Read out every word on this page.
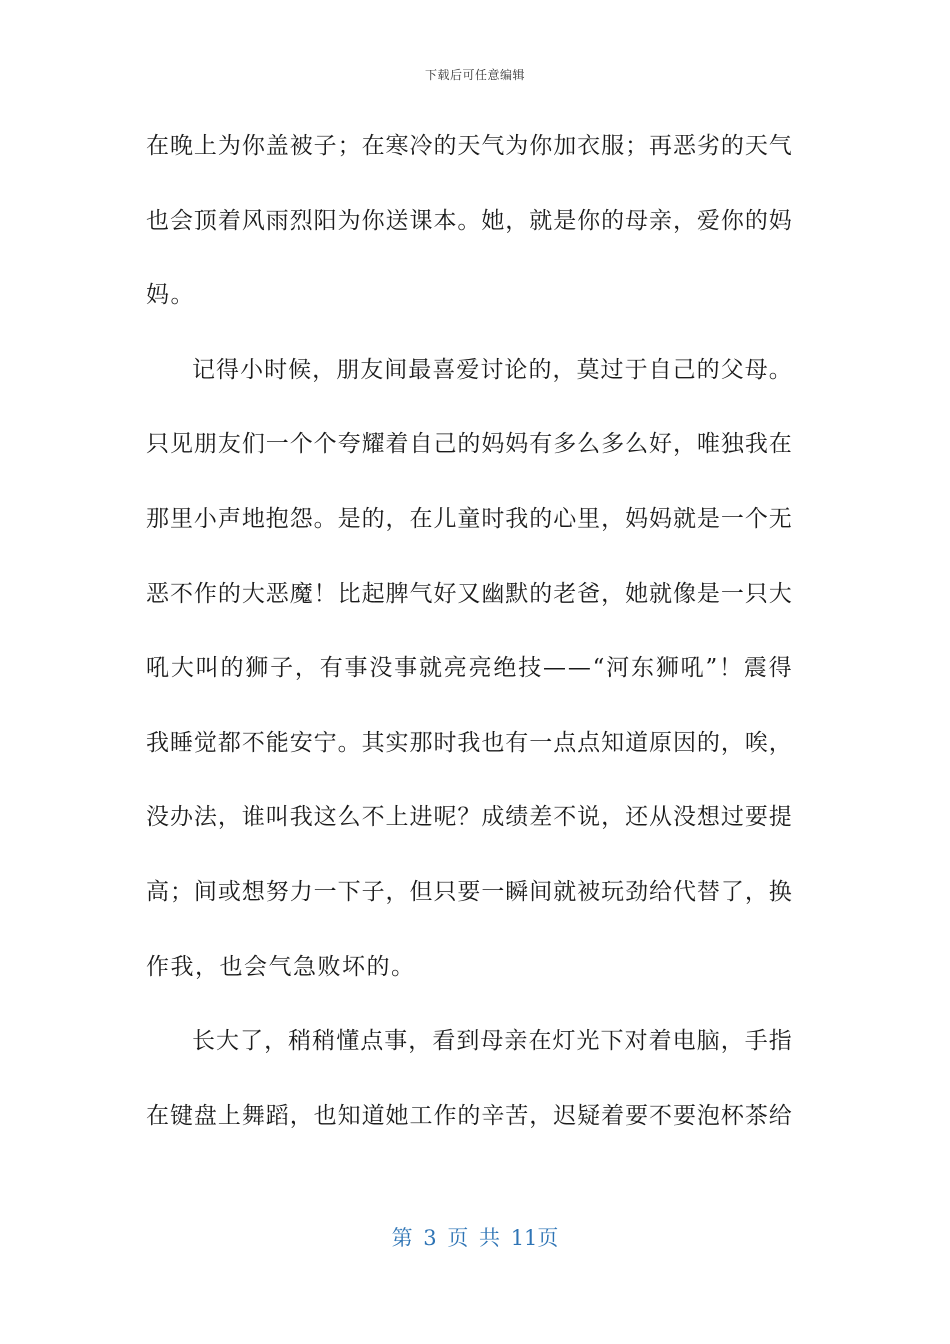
下载后可任意编辑
在 晚 上 为 你 盖 被 子 ； 在 寒 冷 的 天 气 为 你 加 衣 服 ； 再 恶 劣 的 天 气
也 会 顶 着 风 雨 烈 阳 为 你 送 课 本 。 她 ， 就 是 你 的 母 亲 ， 爱 你 的 妈
妈。
记 得 小 时 候 ， 朋 友 间 最 喜 爱 讨 论 的 ， 莫 过 于 自 己 的 父 母 。
只 见 朋 友 们 一 个 个 夸 耀 着 自 己 的 妈 妈 有 多 么 多 么 好 ， 唯 独 我 在
那 里 小 声 地 抱 怨 。 是 的 ， 在 儿 童 时 我 的 心 里 ， 妈 妈 就 是 一 个 无
恶 不 作 的 大 恶 魔 ！ 比 起 脾 气 好 又 幽 默 的 老 爸 ， 她 就 像 是 一 只 大
吼 大 叫 的 狮 子 ， 有 事 没 事 就 亮 亮 绝 技 — — “ 河 东 狮 吼 ” ！ 震 得
我 睡 觉 都 不 能 安 宁 。 其 实 那 时 我 也 有 一 点 点 知 道 原 因 的 ， 唉 ，
没 办 法 ， 谁 叫 我 这 么 不 上 进 呢 ？ 成 绩 差 不 说 ， 还 从 没 想 过 要 提
高 ； 间 或 想 努 力 一 下 子 ， 但 只 要 一 瞬 间 就 被 玩 劲 给 代 替 了 ， 换
作我，也会气急败坏的。
长 大 了 ， 稍 稍 懂 点 事 ， 看 到 母 亲 在 灯 光 下 对 着 电 脑 ， 手 指
在 键 盘 上 舞 蹈 ， 也 知 道 她 工 作 的 辛 苦 ， 迟 疑 着 要 不 要 泡 杯 茶 给
第 3 页 共 11页
